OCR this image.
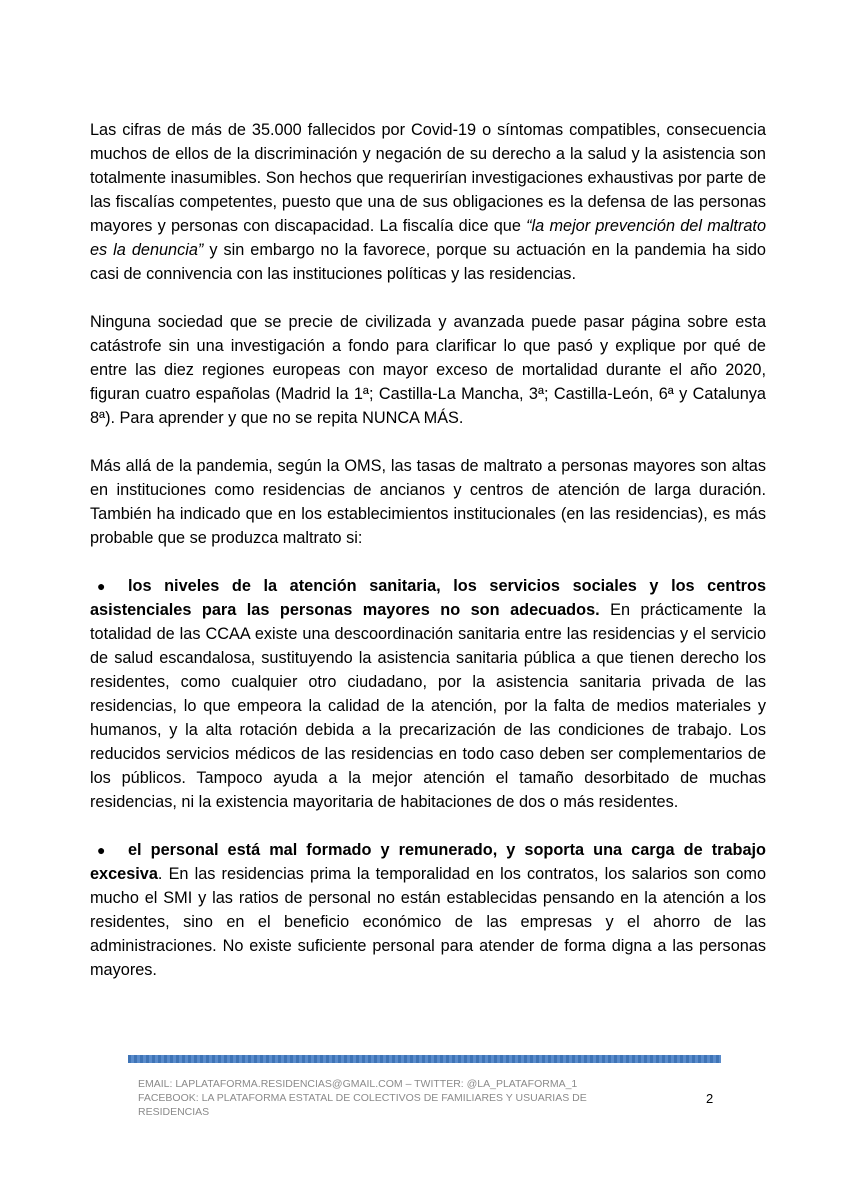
Las cifras de más de 35.000 fallecidos por Covid-19 o síntomas compatibles, consecuencia muchos de ellos de la discriminación y negación de su derecho a la salud y la asistencia son totalmente inasumibles. Son hechos que requerirían investigaciones exhaustivas por parte de las fiscalías competentes, puesto que una de sus obligaciones es la defensa de las personas mayores y personas con discapacidad. La fiscalía dice que “la mejor prevención del maltrato es la denuncia” y sin embargo no la favorece, porque su actuación en la pandemia ha sido casi de connivencia con las instituciones políticas y las residencias.

Ninguna sociedad que se precie de civilizada y avanzada puede pasar página sobre esta catástrofe sin una investigación a fondo para clarificar lo que pasó y explique por qué de entre las diez regiones europeas con mayor exceso de mortalidad durante el año 2020, figuran cuatro españolas (Madrid la 1ª; Castilla-La Mancha, 3ª; Castilla-León, 6ª y Catalunya 8ª). Para aprender y que no se repita NUNCA MÁS.

Más allá de la pandemia, según la OMS, las tasas de maltrato a personas mayores son altas en instituciones como residencias de ancianos y centros de atención de larga duración. También ha indicado que en los establecimientos institucionales (en las residencias), es más probable que se produzca maltrato si:

●	los niveles de la atención sanitaria, los servicios sociales y los centros asistenciales para las personas mayores no son adecuados. En prácticamente la totalidad de las CCAA existe una descoordinación sanitaria entre las residencias y el servicio de salud escandalosa, sustituyendo la asistencia sanitaria pública a que tienen derecho los residentes, como cualquier otro ciudadano, por la asistencia sanitaria privada de las residencias, lo que empeora la calidad de la atención, por la falta de medios materiales y humanos, y la alta rotación debida a la precarización de las condiciones de trabajo. Los reducidos servicios médicos de las residencias en todo caso deben ser complementarios de los públicos. Tampoco ayuda a la mejor atención el tamaño desorbitado de muchas residencias, ni la existencia mayoritaria de habitaciones de dos o más residentes.
●	el personal está mal formado y remunerado, y soporta una carga de trabajo excesiva. En las residencias prima la temporalidad en los contratos, los salarios son como mucho el SMI y las ratios de personal no están establecidas pensando en la atención a los residentes, sino en el beneficio económico de las empresas y el ahorro de las administraciones. No existe suficiente personal para atender de forma digna a las personas mayores.
EMAIL: LAPLATAFORMA.RESIDENCIAS@GMAIL.COM – TWITTER: @LA_PLATAFORMA_1
FACEBOOK: LA PLATAFORMA ESTATAL DE COLECTIVOS DE FAMILIARES Y USUARIAS DE RESIDENCIAS
2
